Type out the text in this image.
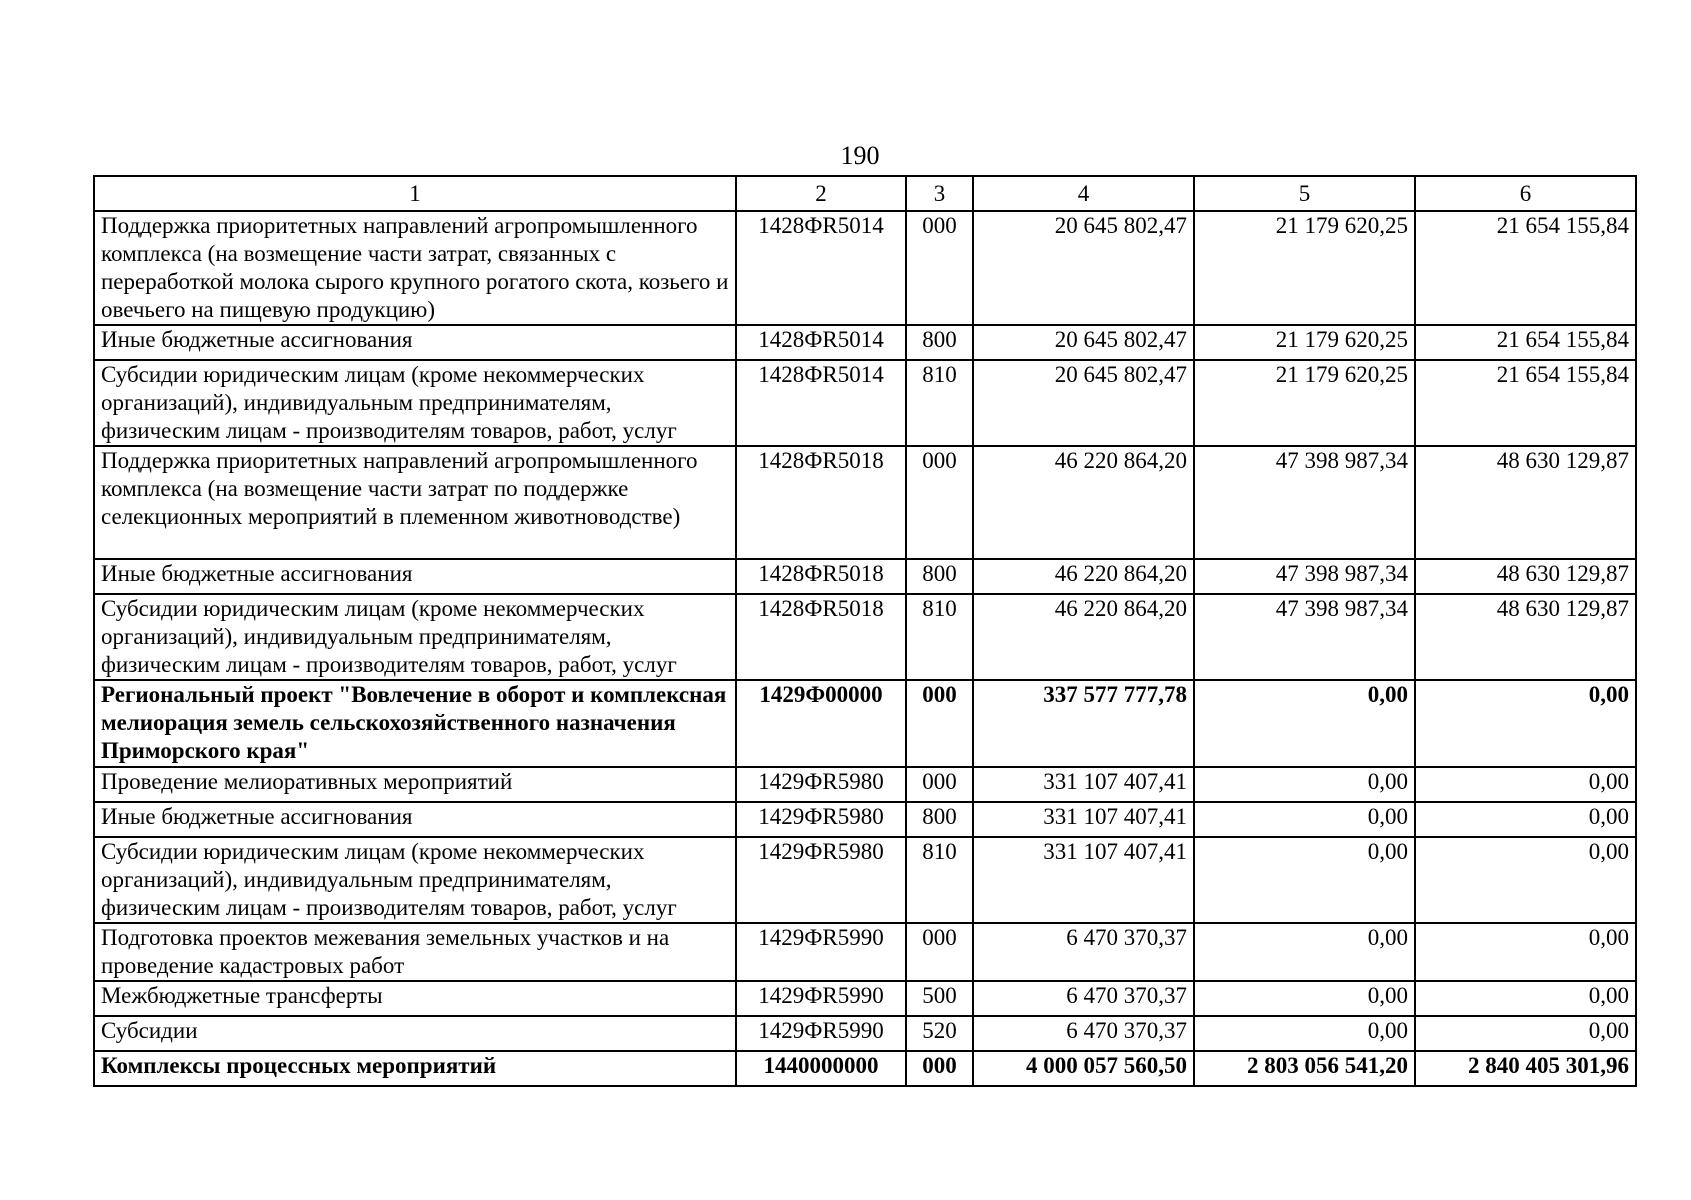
190
1	2	3	4	5	6
Поддержка приоритетных направлений агропромышленного комплекса (на возмещение части затрат, связанных с переработкой молока сырого крупного рогатого скота, козьего и овечьего на пищевую продукцию)	1428ФR5014	000	20 645 802,47	21 179 620,25	21 654 155,84
Иные бюджетные ассигнования	1428ФR5014	800	20 645 802,47	21 179 620,25	21 654 155,84
Субсидии юридическим лицам (кроме некоммерческих организаций), индивидуальным предпринимателям, физическим лицам - производителям товаров, работ, услуг	1428ФR5014	810	20 645 802,47	21 179 620,25	21 654 155,84
Поддержка приоритетных направлений агропромышленного комплекса (на возмещение части затрат по поддержке селекционных мероприятий в племенном животноводстве)	1428ФR5018	000	46 220 864,20	47 398 987,34	48 630 129,87
Иные бюджетные ассигнования	1428ФR5018	800	46 220 864,20	47 398 987,34	48 630 129,87
Субсидии юридическим лицам (кроме некоммерческих организаций), индивидуальным предпринимателям, физическим лицам - производителям товаров, работ, услуг	1428ФR5018	810	46 220 864,20	47 398 987,34	48 630 129,87
Региональный проект "Вовлечение в оборот и комплексная мелиорация земель сельскохозяйственного назначения Приморского края"	1429Ф00000	000	337 577 777,78	0,00	0,00
Проведение мелиоративных мероприятий	1429ФR5980	000	331 107 407,41	0,00	0,00
Иные бюджетные ассигнования	1429ФR5980	800	331 107 407,41	0,00	0,00
Субсидии юридическим лицам (кроме некоммерческих организаций), индивидуальным предпринимателям, физическим лицам - производителям товаров, работ, услуг	1429ФR5980	810	331 107 407,41	0,00	0,00
Подготовка проектов межевания земельных участков и на проведение кадастровых работ	1429ФR5990	000	6 470 370,37	0,00	0,00
Межбюджетные трансферты	1429ФR5990	500	6 470 370,37	0,00	0,00
Субсидии	1429ФR5990	520	6 470 370,37	0,00	0,00
Комплексы процессных мероприятий	1440000000	000	4 000 057 560,50	2 803 056 541,20	2 840 405 301,96
